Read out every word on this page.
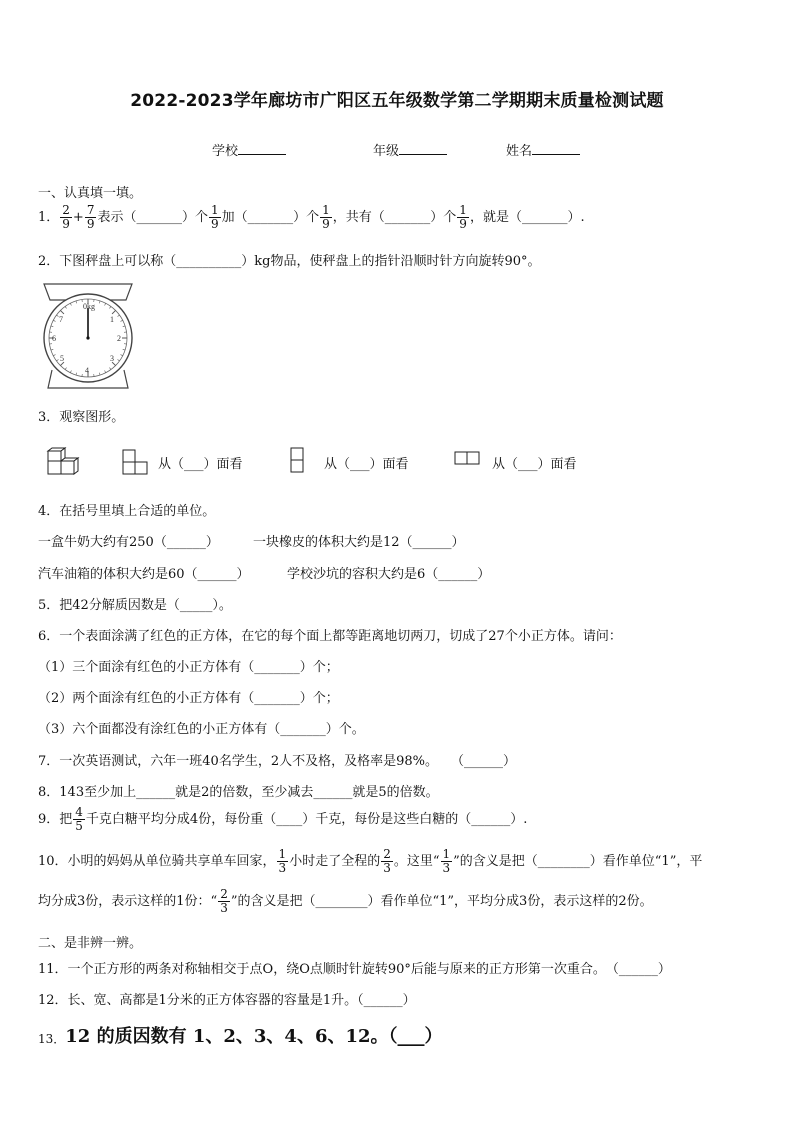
2022-2023学年廊坊市广阳区五年级数学第二学期期末质量检测试题
学校	年级	姓名
一、认真填一填。
1． $\frac{2}{9} + \frac{7}{9}$ 表示（_______）个 $\frac{1}{9}$ 加（_______）个 $\frac{1}{9}$ ，共有（_______）个 $\frac{1}{9}$ ，就是（_______）.
2．下图秤盘上可以称（__________）kg物品，使秤盘上的指针沿顺时针方向旋转90°。
0kg
1
2
3
4
5
6
7
3．观察图形。
从（___）面看	从（___）面看	从（___）面看
4．在括号里填上合适的单位。
一盒牛奶大约有250（______）	一块橡皮的体积大约是12（______）
汽车油箱的体积大约是60（______）	学校沙坑的容积大约是6（______）
5．把42分解质因数是（_____）。
6．一个表面涂满了红色的正方体，在它的每个面上都等距离地切两刀，切成了27个小正方体。请问：
（1）三个面涂有红色的小正方体有（_______）个；
（2）两个面涂有红色的小正方体有（_______）个；
（3）六个面都没有涂红色的小正方体有（_______）个。
7．一次英语测试，六年一班40名学生，2人不及格，及格率是98%。　　（______）
8．143至少加上______就是2的倍数，至少减去______就是5的倍数。
9．把 $\frac{4}{5}$ 千克白糖平均分成4份，每份重（____）千克，每份是这些白糖的（______）.
10．小明的妈妈从单位骑共享单车回家， $\frac{1}{3}$ 小时走了全程的 $\frac{2}{3}$ 。这里“ $\frac{1}{3}$ ”的含义是把（________）看作单位“1”，平
均分成3份，表示这样的1份：“ $\frac{2}{3}$ ”的含义是把（________）看作单位“1”，平均分成3份，表示这样的2份。
二、是非辨一辨。
11．一个正方形的两条对称轴相交于点O，绕O点顺时针旋转90°后能与原来的正方形第一次重合。　（______）
12．长、宽、高都是1分米的正方体容器的容量是1升。（______）
13．12 的质因数有 1、2、3、4、6、12。（___）
